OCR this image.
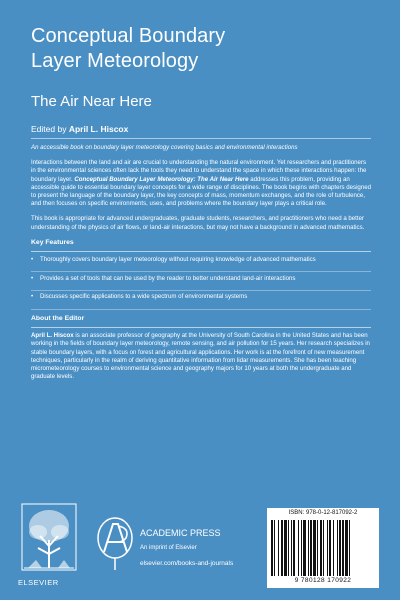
Conceptual Boundary
Layer Meteorology
The Air Near Here
Edited by April L. Hiscox

An accessible book on boundary layer meteorology covering basics and environmental interactions

Interactions between the land and air are crucial to understanding the natural environment. Yet researchers and practitioners in the environmental sciences often lack the tools they need to understand the space in which these interactions happen: the boundary layer. Conceptual Boundary Layer Meteorology: The Air Near Here addresses this problem, providing an accessible guide to essential boundary layer concepts for a wide range of disciplines. The book begins with chapters designed to present the language of the boundary layer, the key concepts of mass, momentum exchanges, and the role of turbulence, and then focuses on specific environments, uses, and problems where the boundary layer plays a critical role.

This book is appropriate for advanced undergraduates, graduate students, researchers, and practitioners who need a better understanding of the physics of air flows, or land-air interactions, but may not have a background in advanced mathematics.

Key Features

• Thoroughly covers boundary layer meteorology without requiring knowledge of advanced mathematics

• Provides a set of tools that can be used by the reader to better understand land-air interactions

• Discusses specific applications to a wide spectrum of environmental systems

About the Editor

April L. Hiscox is an associate professor of geography at the University of South Carolina in the United States and has been working in the fields of boundary layer meteorology, remote sensing, and air pollution for 15 years. Her research specializes in stable boundary layers, with a focus on forest and agricultural applications. Her work is at the forefront of new measurement techniques, particularly in the realm of deriving quantitative information from lidar measurements. She has been teaching micrometeorology courses to environmental science and geography majors for 10 years at both the undergraduate and graduate levels.

ELSEVIER
ACADEMIC PRESS
An imprint of Elsevier
elsevier.com/books-and-journals
ISBN: 978-0-12-817092-2
9 780128 170922
